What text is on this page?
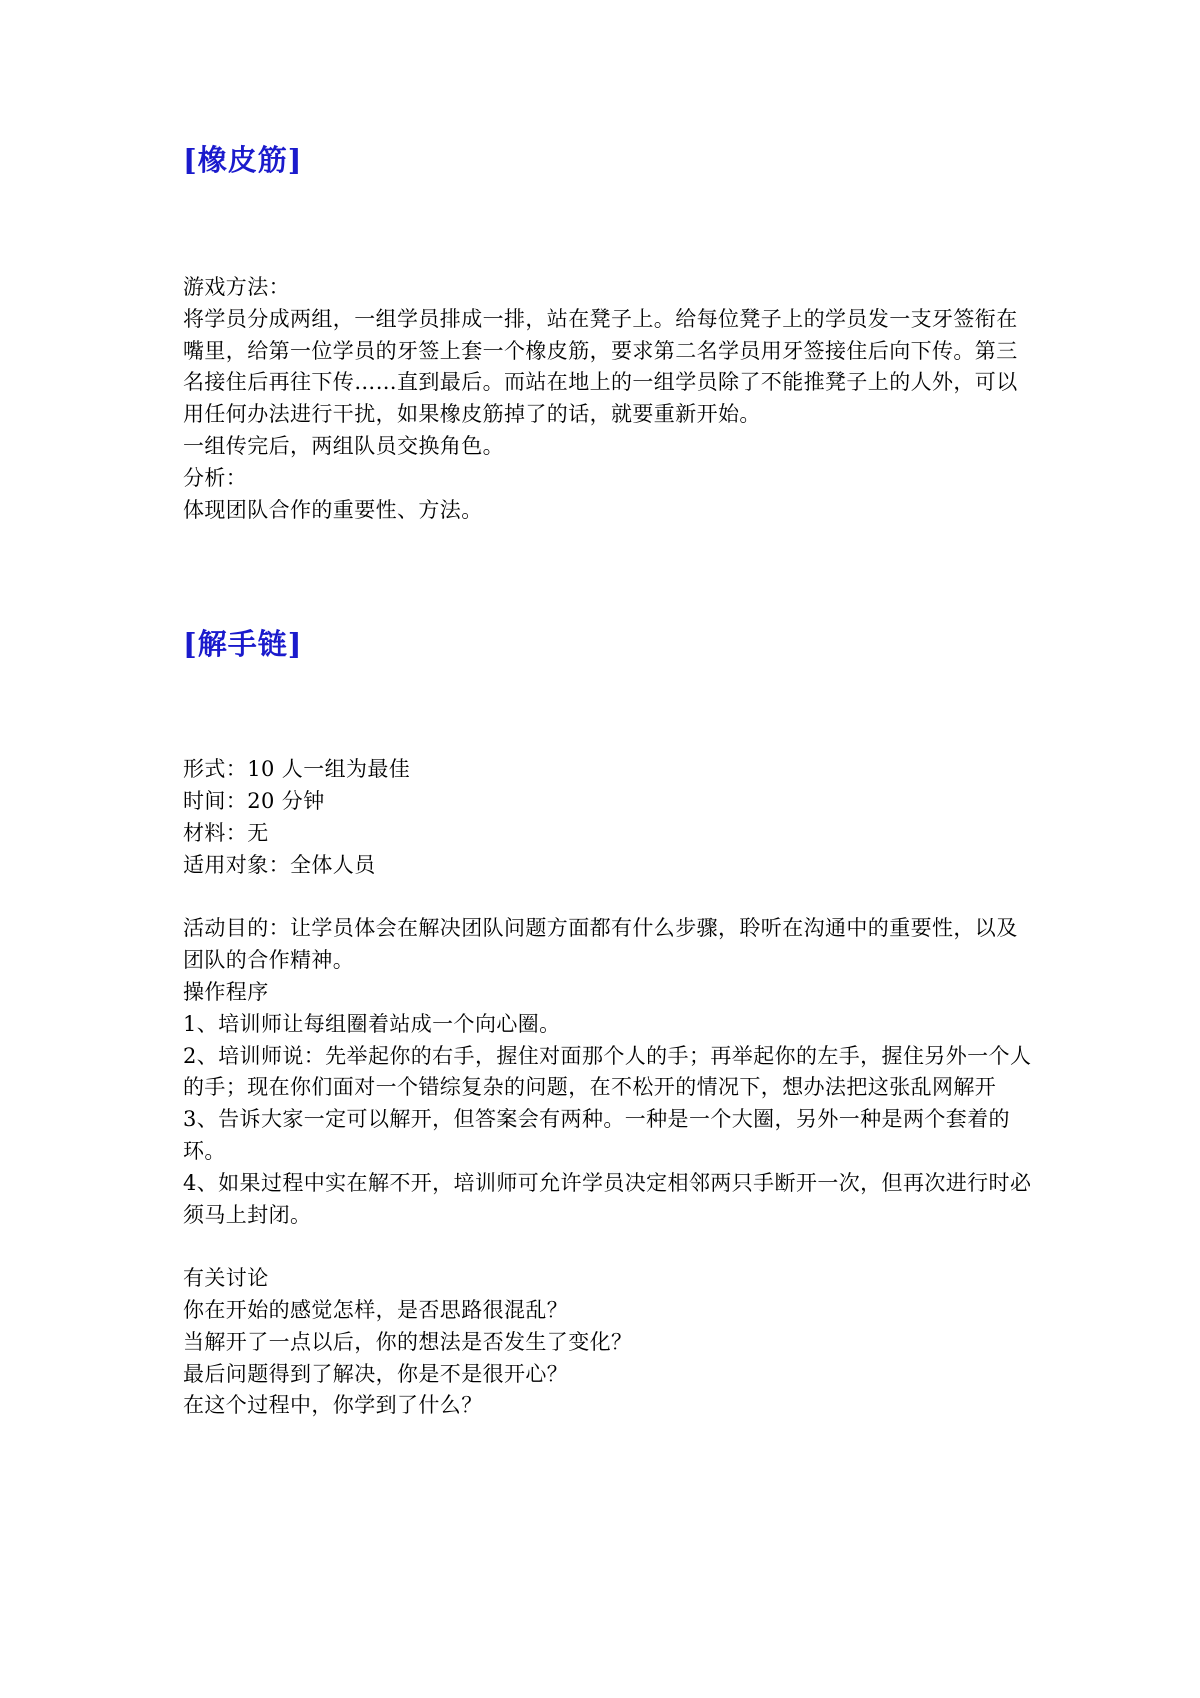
[橡皮筋]

游戏方法：

将学员分成两组，一组学员排成一排，站在凳子上。给每位凳子上的学员发一支牙签衔在嘴里，给第一位学员的牙签上套一个橡皮筋，要求第二名学员用牙签接住后向下传。第三名接住后再往下传……直到最后。而站在地上的一组学员除了不能推凳子上的人外，可以用任何办法进行干扰，如果橡皮筋掉了的话，就要重新开始。

一组传完后，两组队员交换角色。

分析：

体现团队合作的重要性、方法。

[解手链]

形式：10 人一组为最佳

时间：20 分钟

材料：无

适用对象：全体人员

活动目的：让学员体会在解决团队问题方面都有什么步骤，聆听在沟通中的重要性，以及团队的合作精神。

操作程序

1、培训师让每组圈着站成一个向心圈。

2、培训师说：先举起你的右手，握住对面那个人的手；再举起你的左手，握住另外一个人的手；现在你们面对一个错综复杂的问题，在不松开的情况下，想办法把这张乱网解开

3、告诉大家一定可以解开，但答案会有两种。一种是一个大圈，另外一种是两个套着的环。

4、如果过程中实在解不开，培训师可允许学员决定相邻两只手断开一次，但再次进行时必须马上封闭。

有关讨论

你在开始的感觉怎样，是否思路很混乱？

当解开了一点以后，你的想法是否发生了变化？

最后问题得到了解决，你是不是很开心？

在这个过程中，你学到了什么？
